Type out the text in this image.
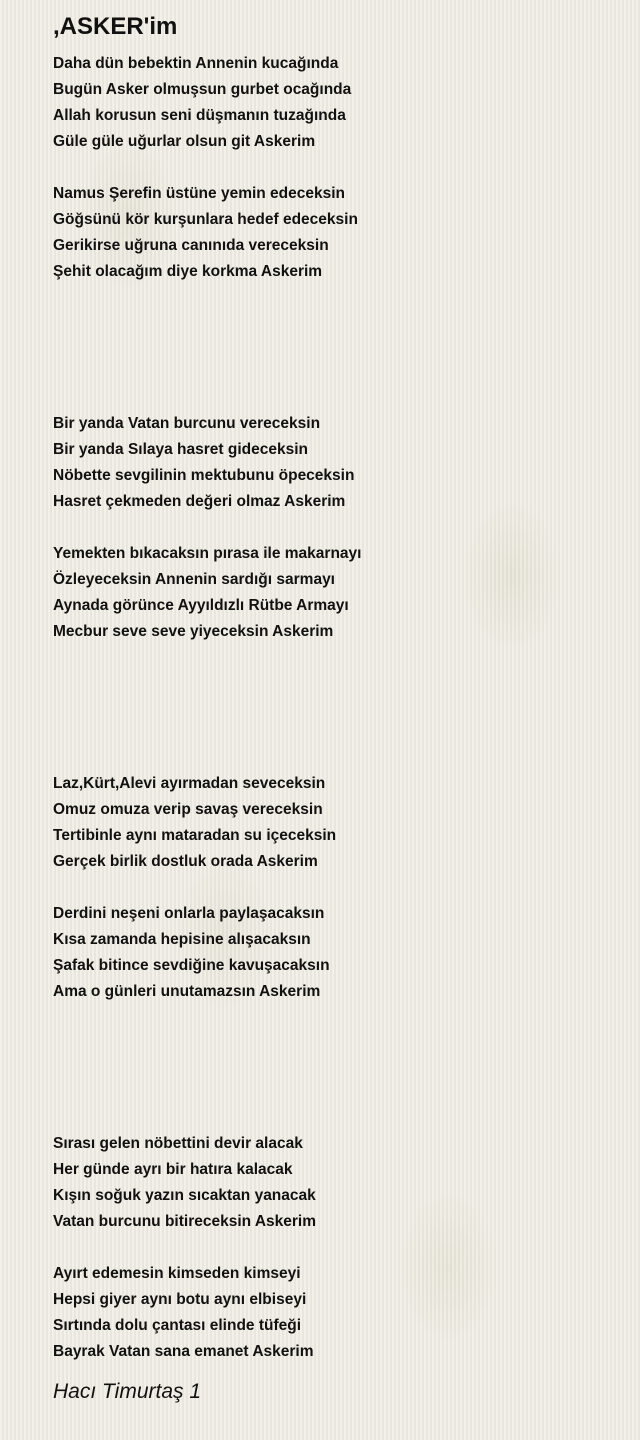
,ASKER'im
Daha dün bebektin Annenin kucağında
Bugün Asker olmuşsun gurbet ocağında
Allah korusun seni düşmanın tuzağında
Güle güle uğurlar olsun git Askerim
Namus Şerefin üstüne yemin edeceksin
Göğsünü kör kurşunlara hedef edeceksin
Gerikirse uğruna canınıda vereceksin
Şehit olacağım diye korkma Askerim
Bir yanda Vatan burcunu vereceksin
Bir yanda Sılaya hasret gideceksin
Nöbette sevgilinin mektubunu öpeceksin
Hasret çekmeden değeri olmaz Askerim
Yemekten bıkacaksın pırasa ile makarnayı
Özleyeceksin Annenin sardığı sarmayı
Aynada görünce Ayyıldızlı Rütbe Armayı
Mecbur seve seve yiyeceksin Askerim
Laz,Kürt,Alevi ayırmadan seveceksin
Omuz omuza verip savaş vereceksin
Tertibinle aynı mataradan su içeceksin
Gerçek birlik dostluk orada Askerim
Derdini neşeni onlarla paylaşacaksın
Kısa zamanda hepisine alışacaksın
Şafak bitince sevdiğine kavuşacaksın
Ama o günleri unutamazsın Askerim
Sırası gelen nöbettini devir alacak
Her günde ayrı bir hatıra kalacak
Kışın soğuk yazın sıcaktan yanacak
Vatan burcunu bitireceksin Askerim
Ayırt edemesin kimseden kimseyi
Hepsi giyer aynı botu aynı elbiseyi
Sırtında dolu çantası elinde tüfeği
Bayrak Vatan sana emanet Askerim
Hacı Timurtaş 1
